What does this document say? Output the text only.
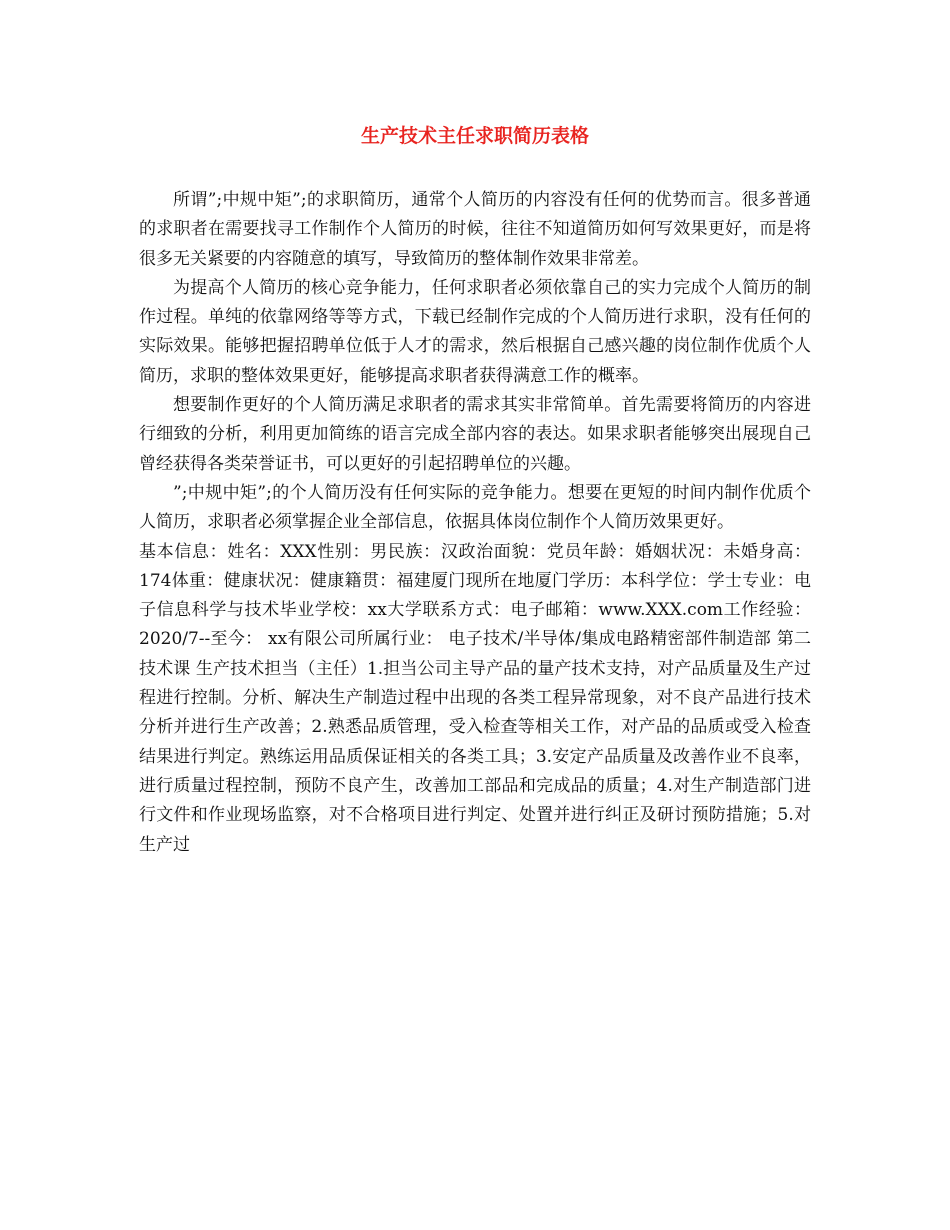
生产技术主任求职简历表格

所谓”;中规中矩”;的求职简历，通常个人简历的内容没有任何的优势而言。很多普通的求职者在需要找寻工作制作个人简历的时候，往往不知道简历如何写效果更好，而是将很多无关紧要的内容随意的填写，导致简历的整体制作效果非常差。

为提高个人简历的核心竞争能力，任何求职者必须依靠自己的实力完成个人简历的制作过程。单纯的依靠网络等等方式，下载已经制作完成的个人简历进行求职，没有任何的实际效果。能够把握招聘单位低于人才的需求，然后根据自己感兴趣的岗位制作优质个人简历，求职的整体效果更好，能够提高求职者获得满意工作的概率。

想要制作更好的个人简历满足求职者的需求其实非常简单。首先需要将简历的内容进行细致的分析，利用更加简练的语言完成全部内容的表达。如果求职者能够突出展现自己曾经获得各类荣誉证书，可以更好的引起招聘单位的兴趣。

”;中规中矩”;的个人简历没有任何实际的竞争能力。想要在更短的时间内制作优质个人简历，求职者必须掌握企业全部信息，依据具体岗位制作个人简历效果更好。

基本信息：姓名：XXX性别：男民族：汉政治面貌：党员年龄：婚姻状况：未婚身高：174体重：健康状况：健康籍贯：福建厦门现所在地厦门学历：本科学位：学士专业：电子信息科学与技术毕业学校：xx大学联系方式：电子邮箱：www.XXX.com工作经验：2020/7--至今： xx有限公司所属行业： 电子技术/半导体/集成电路精密部件制造部 第二技术课 生产技术担当（主任）1.担当公司主导产品的量产技术支持，对产品质量及生产过程进行控制。分析、解决生产制造过程中出现的各类工程异常现象，对不良产品进行技术分析并进行生产改善；2.熟悉品质管理，受入检查等相关工作，对产品的品质或受入检查结果进行判定。熟练运用品质保证相关的各类工具；3.安定产品质量及改善作业不良率，进行质量过程控制，预防不良产生，改善加工部品和完成品的质量；4.对生产制造部门进行文件和作业现场监察，对不合格项目进行判定、处置并进行纠正及研讨预防措施；5.对生产过
